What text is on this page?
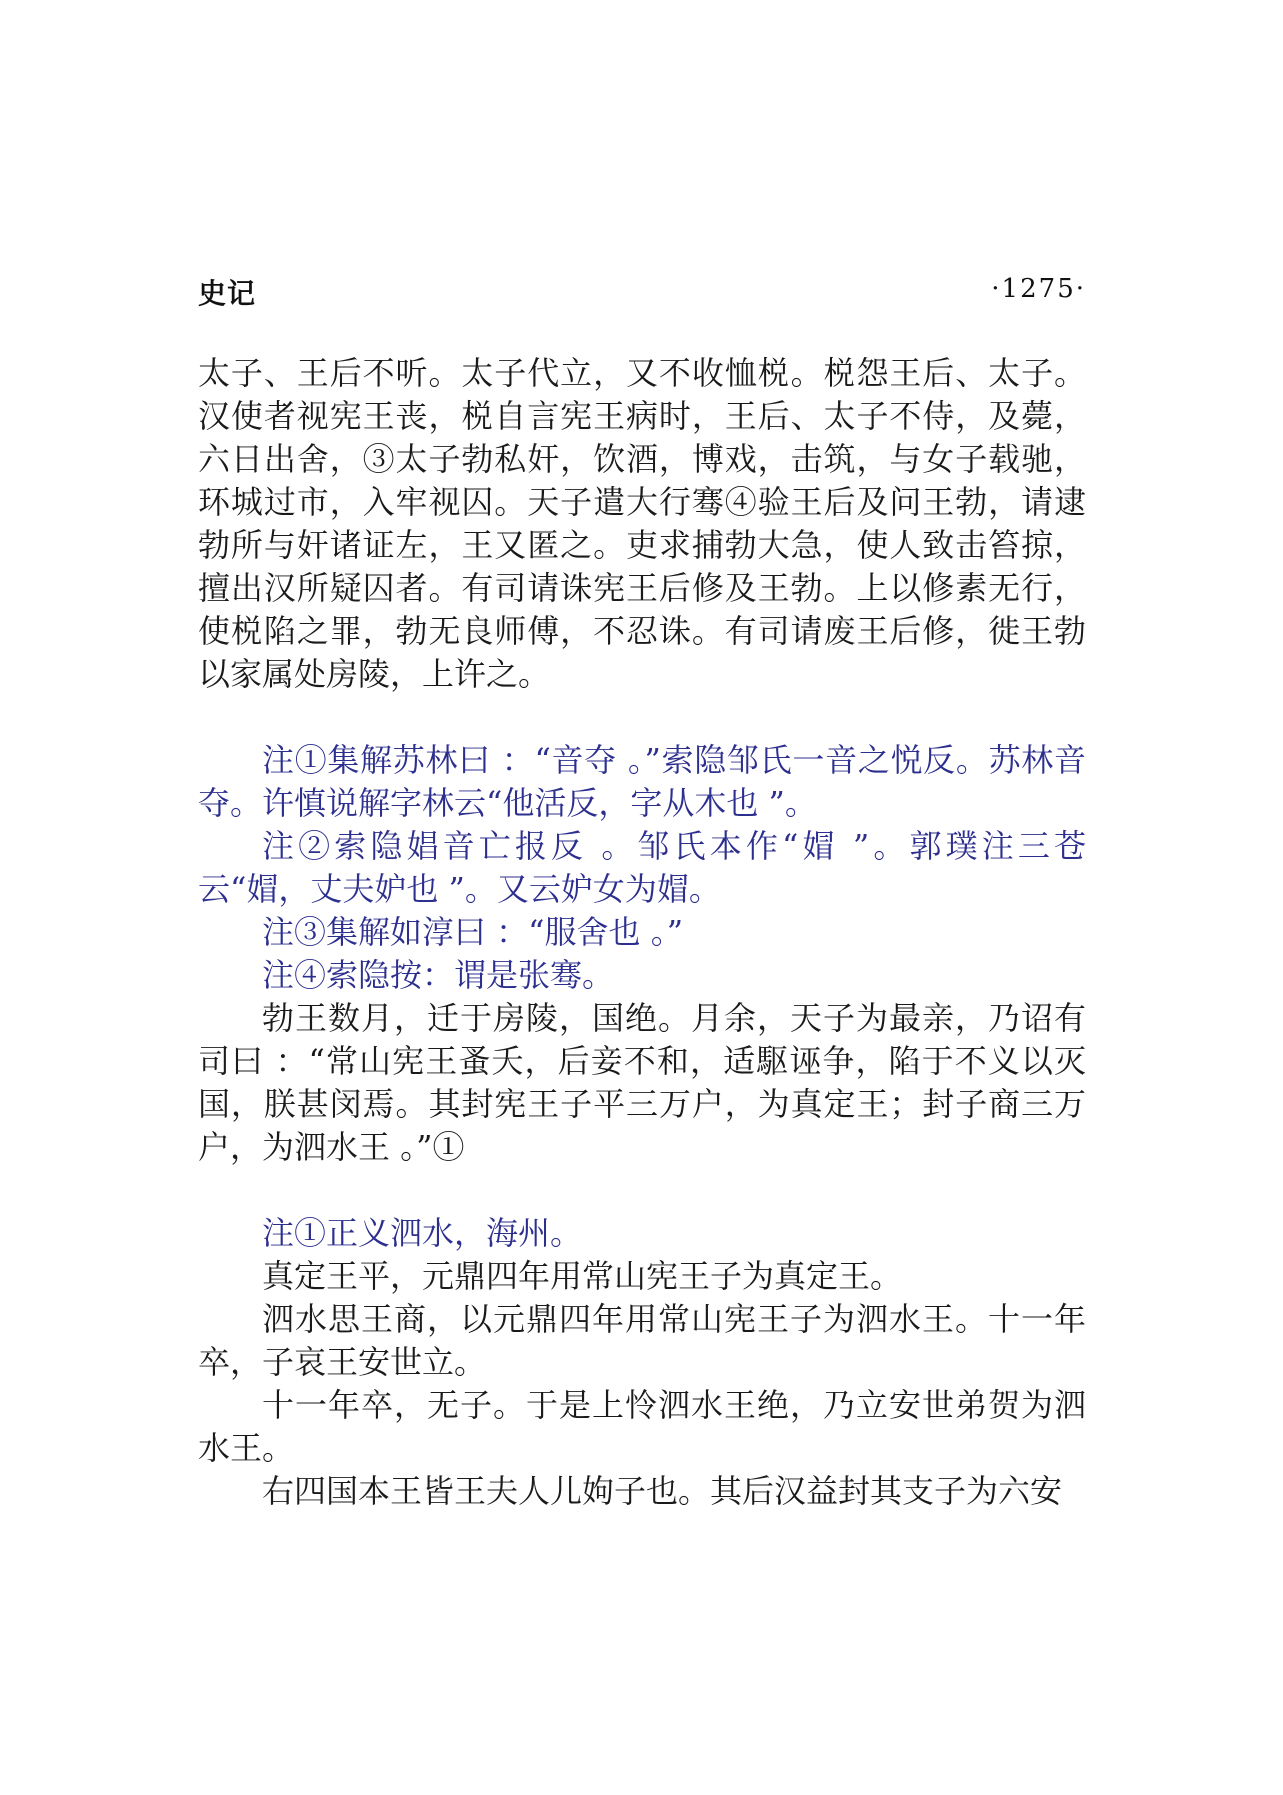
史记	·1275·

太子、王后不听。太子代立，又不收恤棁。棁怨王后、太子。汉使者视宪王丧，棁自言宪王病时，王后、太子不侍，及薨，六日出舍，③太子勃私奸，饮酒，博戏，击筑，与女子载驰，环城过市，入牢视囚。天子遣大行骞④验王后及问王勃，请逮勃所与奸诸证左，王又匿之。吏求捕勃大急，使人致击笞掠，擅出汉所疑囚者。有司请诛宪王后修及王勃。上以修素无行，使棁陷之罪，勃无良师傅，不忍诛。有司请废王后修，徙王勃以家属处房陵，上许之。

注①集解苏林曰 ：“音夺 。”索隐邹氏一音之悦反。苏林音夺。许慎说解字林云“他活反，字从木也 ”。

注②索隐娼音亡报反 。邹氏本作“媢 ”。郭璞注三苍云“媢，丈夫妒也 ”。又云妒女为媢。

注③集解如淳曰 ：“服舍也 。”

注④索隐按：谓是张骞。

勃王数月，迁于房陵，国绝。月余，天子为最亲，乃诏有司曰 ：“常山宪王蚤夭，后妾不和，适駆诬争，陷于不义以灭国，朕甚闵焉。其封宪王子平三万户，为真定王；封子商三万户，为泗水王 。”①

注①正义泗水，海州。

真定王平，元鼎四年用常山宪王子为真定王。

泗水思王商，以元鼎四年用常山宪王子为泗水王。十一年卒，子哀王安世立。

十一年卒，无子。于是上怜泗水王绝，乃立安世弟贺为泗水王。

右四国本王皆王夫人儿姁子也。其后汉益封其支子为六安
